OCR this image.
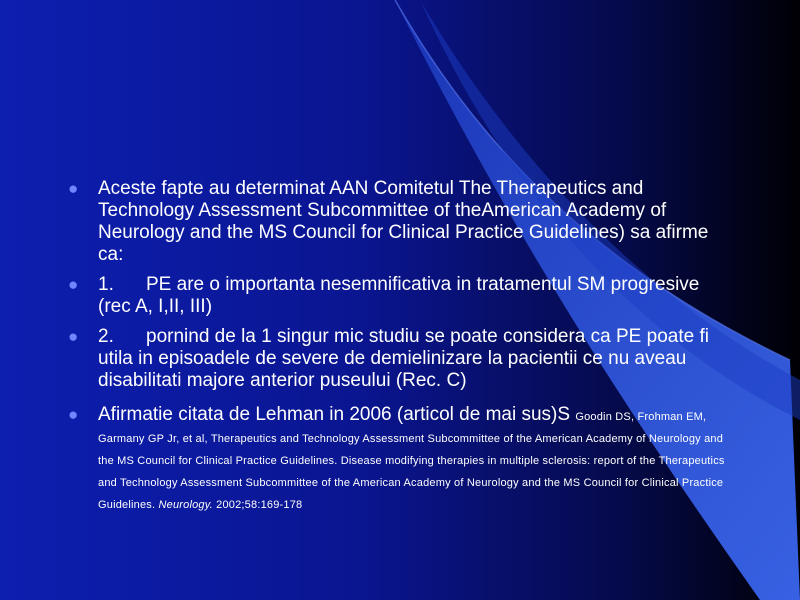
●	Aceste fapte au determinat AAN Comitetul The Therapeutics and Technology Assessment Subcommittee of theAmerican Academy of Neurology and the MS Council for Clinical Practice Guidelines) sa afirme ca:
●	1. PE are o importanta nesemnificativa in tratamentul SM progresive (rec A, I,II, III)
●	2. pornind de la 1 singur mic studiu se poate considera ca PE poate fi utila in episoadele de severe de demielinizare la pacientii ce nu aveau disabilitati majore anterior puseului (Rec. C)
●	Afirmatie citata de Lehman in 2006 (articol de mai sus)S Goodin DS, Frohman EM, Garmany GP Jr, et al, Therapeutics and Technology Assessment Subcommittee of the American Academy of Neurology and the MS Council for Clinical Practice Guidelines. Disease modifying therapies in multiple sclerosis: report of the Therapeutics and Technology Assessment Subcommittee of the American Academy of Neurology and the MS Council for Clinical Practice Guidelines. Neurology. 2002;58:169-178
